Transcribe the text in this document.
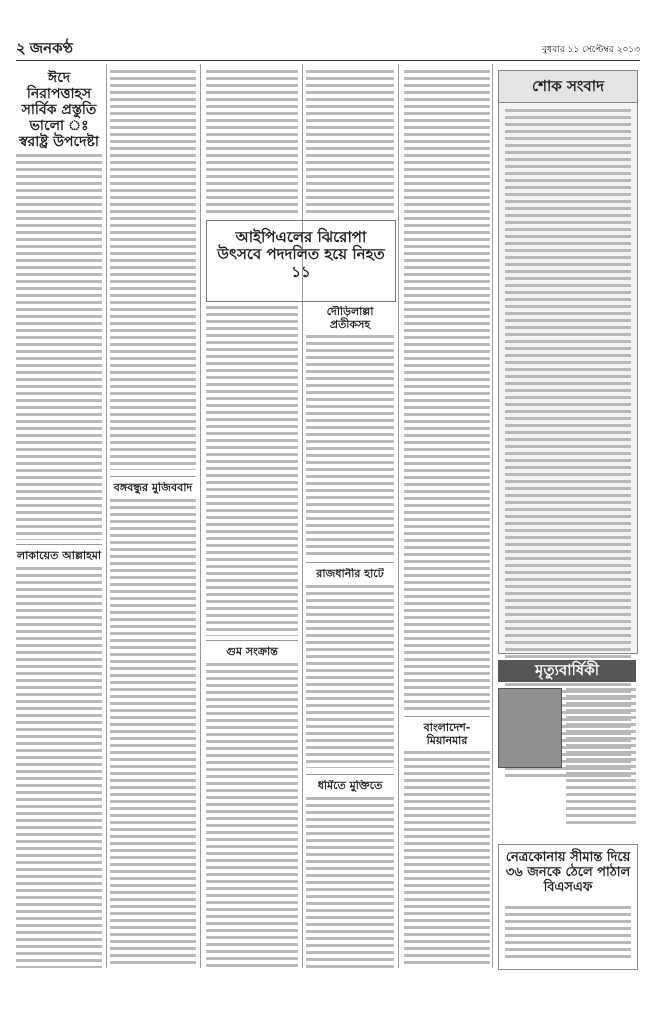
২ জনকণ্ঠ	বুধবার ১১ সেপ্টেম্বর ২০১৩
ঈদে নিরাপত্তাহস সার্বিক প্রস্তুতি ভালো ঃ স্বরাষ্ট্র উপদেষ্টা
লাকায়েত আল্লাহমা
বঙ্গবন্ধুর মুজিববাদ
আইপিএলের ঝিরোপা উৎসবে পদদলিত হয়ে নিহত ১১
গুম সংক্রান্ত
দৌড়িলাল্লা প্রতীকসহ
রাজধানীর হাটে
ধর্মিতে মুক্তিতে
বাংলাদেশ-মিয়ানমার
শোক সংবাদ
মৃত্যুবার্ষিকী
নেত্রকোনায় সীমান্ত দিয়ে ৩৬ জনকে ঠেলে পাঠাল বিএসএফ
